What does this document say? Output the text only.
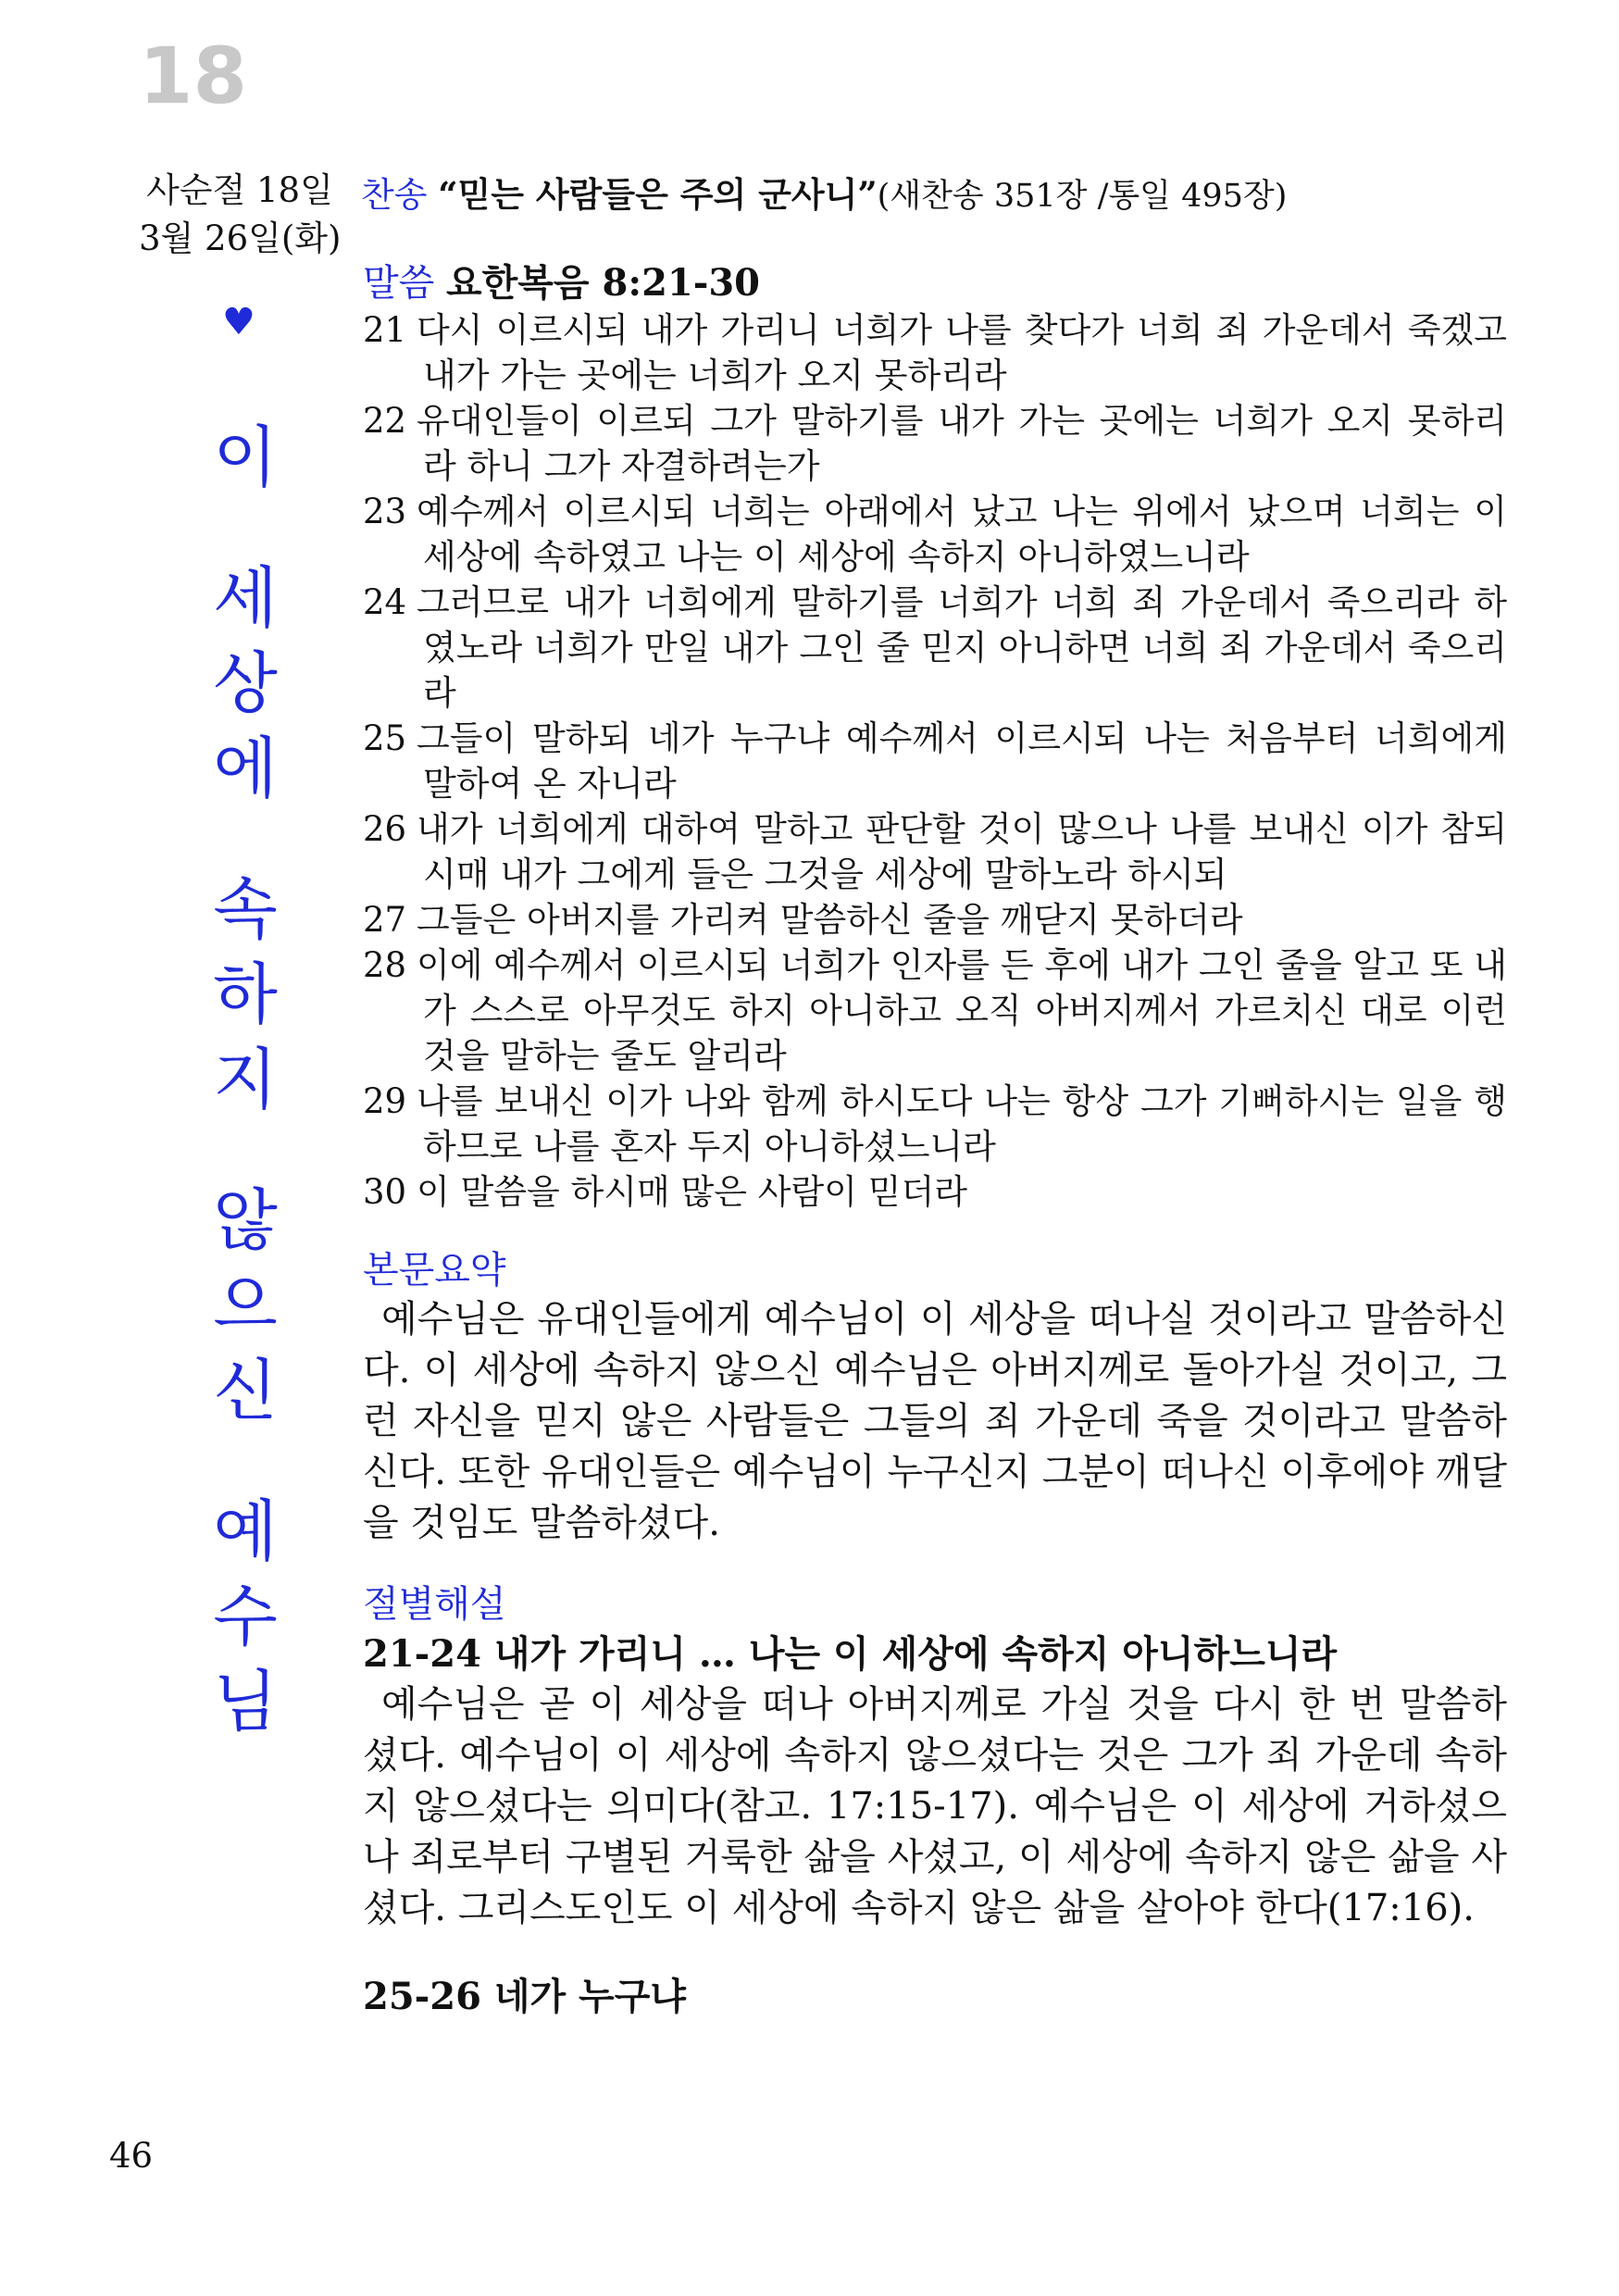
18
사순절 18일
3월 26일(화)
♥
이
세
상
에
속
하
지
않
으
신
예
수
님
찬송 “믿는 사람들은 주의 군사니”(새찬송 351장 /통일 495장)
말씀 요한복음 8:21-30
21 다시 이르시되 내가 가리니 너희가 나를 찾다가 너희 죄 가운데서 죽겠고 내가 가는 곳에는 너희가 오지 못하리라
22 유대인들이 이르되 그가 말하기를 내가 가는 곳에는 너희가 오지 못하리라 하니 그가 자결하려는가
23 예수께서 이르시되 너희는 아래에서 났고 나는 위에서 났으며 너희는 이 세상에 속하였고 나는 이 세상에 속하지 아니하였느니라
24 그러므로 내가 너희에게 말하기를 너희가 너희 죄 가운데서 죽으리라 하였노라 너희가 만일 내가 그인 줄 믿지 아니하면 너희 죄 가운데서 죽으리라
25 그들이 말하되 네가 누구냐 예수께서 이르시되 나는 처음부터 너희에게 말하여 온 자니라
26 내가 너희에게 대하여 말하고 판단할 것이 많으나 나를 보내신 이가 참되시매 내가 그에게 들은 그것을 세상에 말하노라 하시되
27 그들은 아버지를 가리켜 말씀하신 줄을 깨닫지 못하더라
28 이에 예수께서 이르시되 너희가 인자를 든 후에 내가 그인 줄을 알고 또 내가 스스로 아무것도 하지 아니하고 오직 아버지께서 가르치신 대로 이런 것을 말하는 줄도 알리라
29 나를 보내신 이가 나와 함께 하시도다 나는 항상 그가 기뻐하시는 일을 행하므로 나를 혼자 두지 아니하셨느니라
30 이 말씀을 하시매 많은 사람이 믿더라
본문요약
예수님은 유대인들에게 예수님이 이 세상을 떠나실 것이라고 말씀하신다. 이 세상에 속하지 않으신 예수님은 아버지께로 돌아가실 것이고, 그런 자신을 믿지 않은 사람들은 그들의 죄 가운데 죽을 것이라고 말씀하신다. 또한 유대인들은 예수님이 누구신지 그분이 떠나신 이후에야 깨달을 것임도 말씀하셨다.
절별해설
21-24 내가 가리니 … 나는 이 세상에 속하지 아니하느니라
예수님은 곧 이 세상을 떠나 아버지께로 가실 것을 다시 한 번 말씀하셨다. 예수님이 이 세상에 속하지 않으셨다는 것은 그가 죄 가운데 속하지 않으셨다는 의미다(참고. 17:15-17). 예수님은 이 세상에 거하셨으나 죄로부터 구별된 거룩한 삶을 사셨고, 이 세상에 속하지 않은 삶을 사셨다. 그리스도인도 이 세상에 속하지 않은 삶을 살아야 한다(17:16).
25-26 네가 누구냐
46
